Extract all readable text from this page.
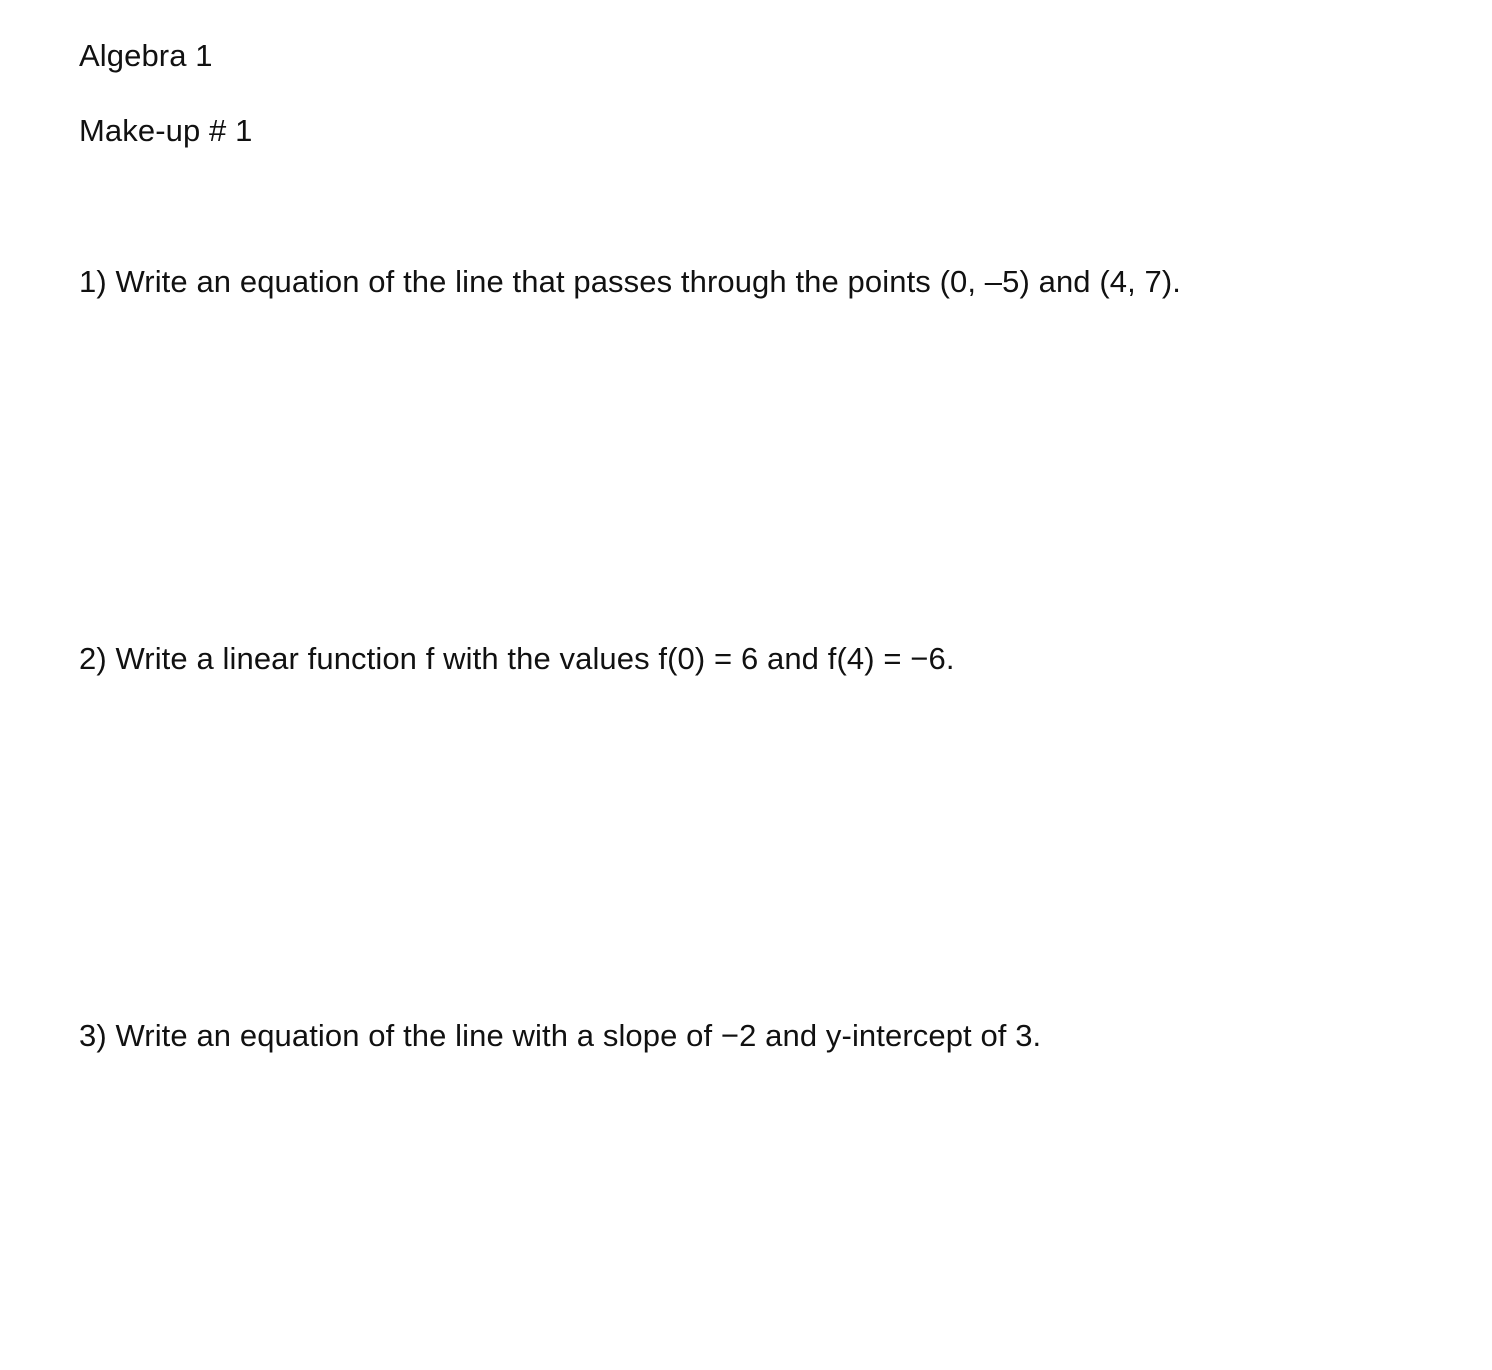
Algebra 1
Make-up # 1
1) Write an equation of the line that passes through the points (0, –5) and (4, 7).
2) Write a linear function f with the values f(0) = 6 and f(4) = −6.
3) Write an equation of the line with a slope of −2 and y-intercept of 3.
